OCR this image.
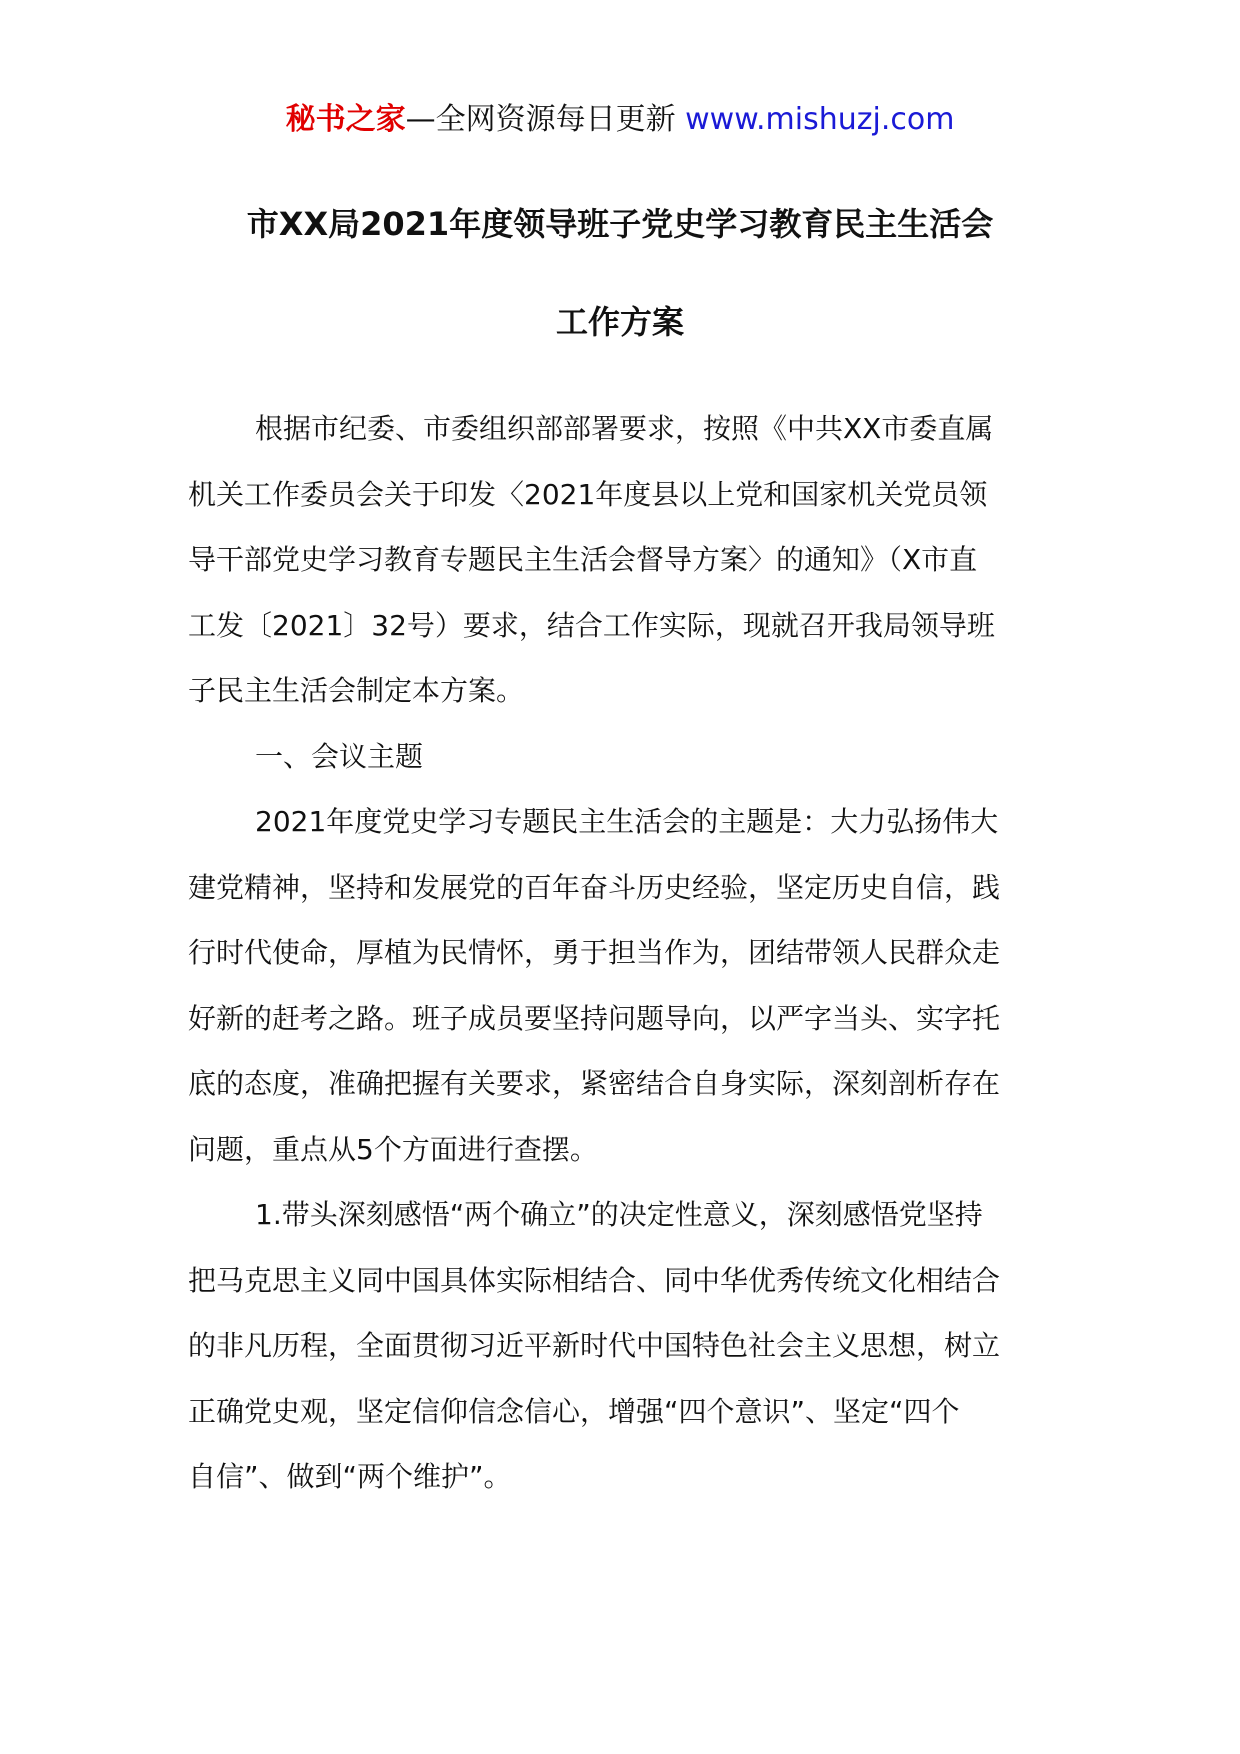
秘书之家—全网资源每日更新 www.mishuzj.com
市XX局2021年度领导班子党史学习教育民主生活会
工作方案
根据市纪委、市委组织部部署要求，按照《中共XX市委直属
机关工作委员会关于印发〈2021年度县以上党和国家机关党员领
导干部党史学习教育专题民主生活会督导方案〉的通知》（X市直
工发〔2021〕32号）要求，结合工作实际，现就召开我局领导班
子民主生活会制定本方案。
一、会议主题
2021年度党史学习专题民主生活会的主题是：大力弘扬伟大
建党精神，坚持和发展党的百年奋斗历史经验，坚定历史自信，践
行时代使命，厚植为民情怀，勇于担当作为，团结带领人民群众走
好新的赶考之路。班子成员要坚持问题导向，以严字当头、实字托
底的态度，准确把握有关要求，紧密结合自身实际，深刻剖析存在
问题，重点从5个方面进行查摆。
1.带头深刻感悟“两个确立”的决定性意义，深刻感悟党坚持
把马克思主义同中国具体实际相结合、同中华优秀传统文化相结合
的非凡历程，全面贯彻习近平新时代中国特色社会主义思想，树立
正确党史观，坚定信仰信念信心，增强“四个意识”、坚定“四个
自信”、做到“两个维护”。
